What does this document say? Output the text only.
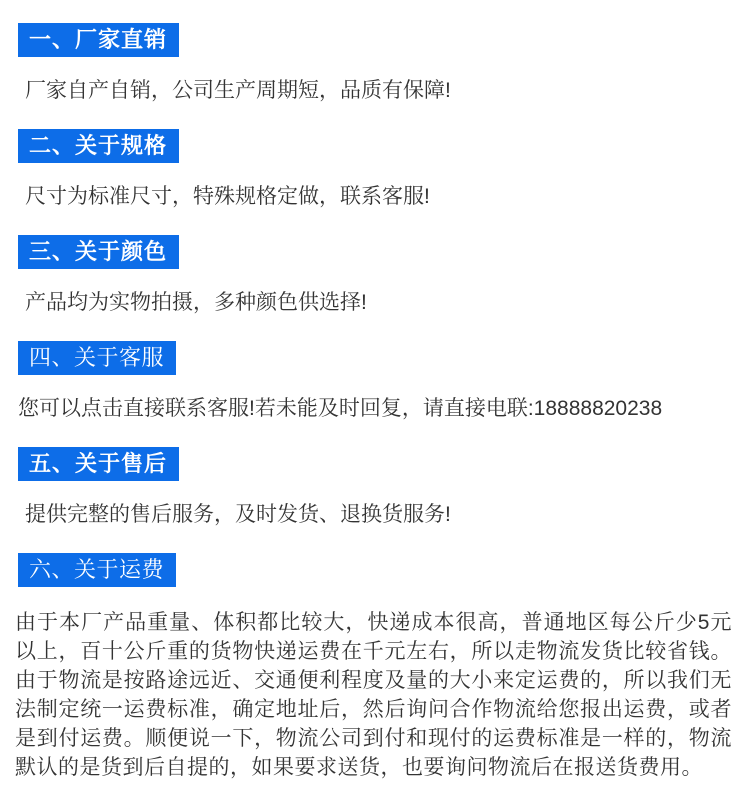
一、厂家直销

厂家自产自销，公司生产周期短，品质有保障!

二、关于规格

尺寸为标准尺寸，特殊规格定做，联系客服!

三、关于颜色

产品均为实物拍摄，多种颜色供选择!

四、关于客服

您可以点击直接联系客服!若未能及时回复，请直接电联:18888820238

五、关于售后

提供完整的售后服务，及时发货、退换货服务!

六、关于运费

由于本厂产品重量、体积都比较大，快递成本很高，普通地区每公斤少5元以上，百十公斤重的货物快递运费在千元左右，所以走物流发货比较省钱。由于物流是按路途远近、交通便利程度及量的大小来定运费的，所以我们无法制定统一运费标准，确定地址后，然后询问合作物流给您报出运费，或者是到付运费。顺便说一下，物流公司到付和现付的运费标准是一样的，物流默认的是货到后自提的，如果要求送货，也要询问物流后在报送货费用。
